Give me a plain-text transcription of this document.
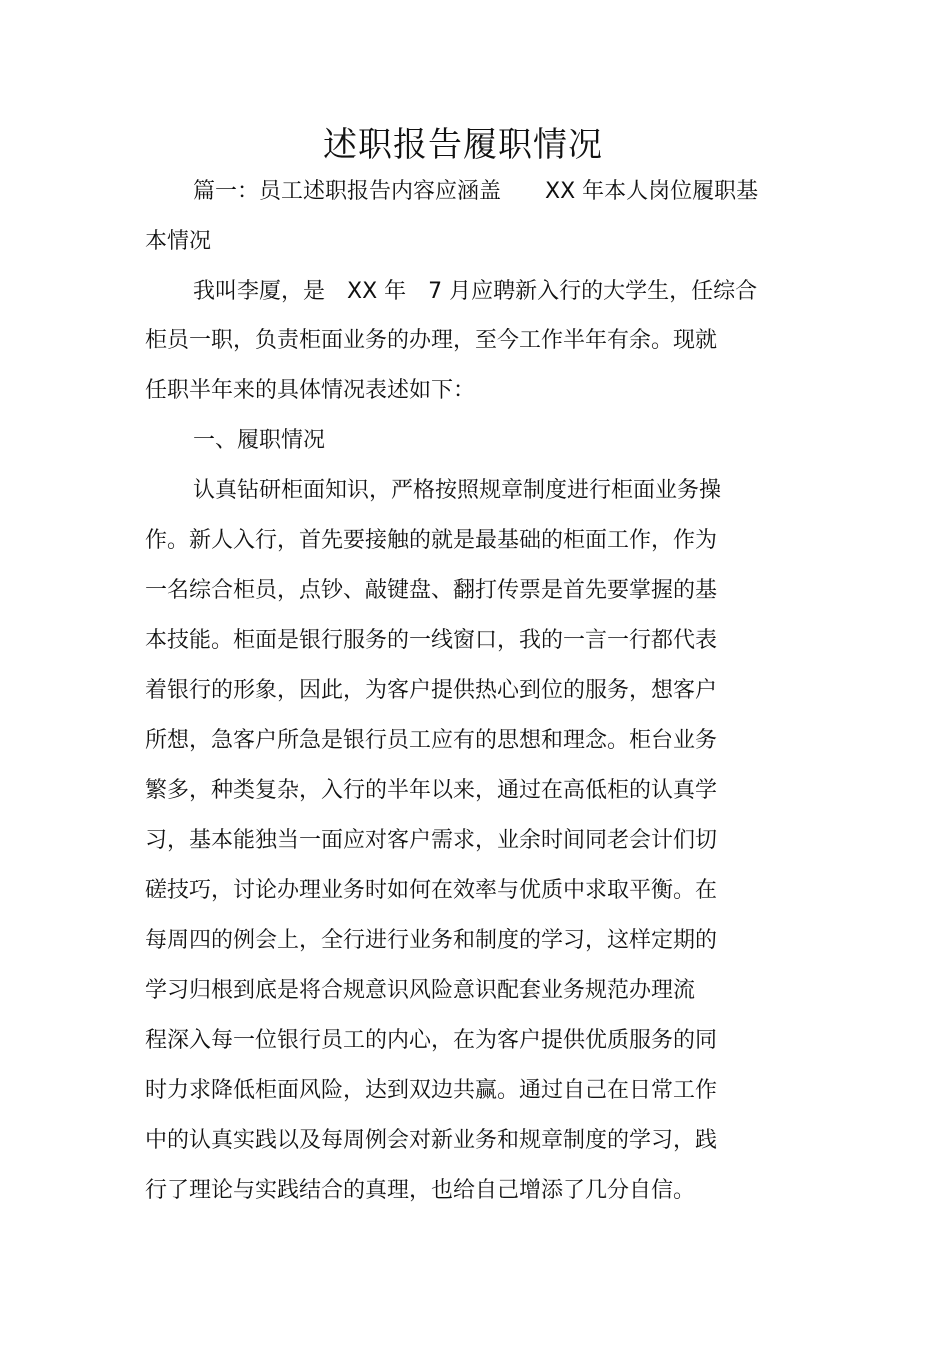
述职报告履职情况
篇一：员工述职报告内容应涵盖　　XX 年本人岗位履职基
本情况
我叫李厦，是　XX 年　7 月应聘新入行的大学生，任综合
柜员一职，负责柜面业务的办理，至今工作半年有余。现就
任职半年来的具体情况表述如下：
一、履职情况
认真钻研柜面知识，严格按照规章制度进行柜面业务操
作。新人入行，首先要接触的就是最基础的柜面工作，作为
一名综合柜员，点钞、敲键盘、翻打传票是首先要掌握的基
本技能。柜面是银行服务的一线窗口，我的一言一行都代表
着银行的形象，因此，为客户提供热心到位的服务，想客户
所想，急客户所急是银行员工应有的思想和理念。柜台业务
繁多，种类复杂，入行的半年以来，通过在高低柜的认真学
习，基本能独当一面应对客户需求，业余时间同老会计们切
磋技巧，讨论办理业务时如何在效率与优质中求取平衡。在
每周四的例会上，全行进行业务和制度的学习，这样定期的
学习归根到底是将合规意识风险意识配套业务规范办理流
程深入每一位银行员工的内心，在为客户提供优质服务的同
时力求降低柜面风险，达到双边共赢。通过自己在日常工作
中的认真实践以及每周例会对新业务和规章制度的学习，践
行了理论与实践结合的真理，也给自己增添了几分自信。
